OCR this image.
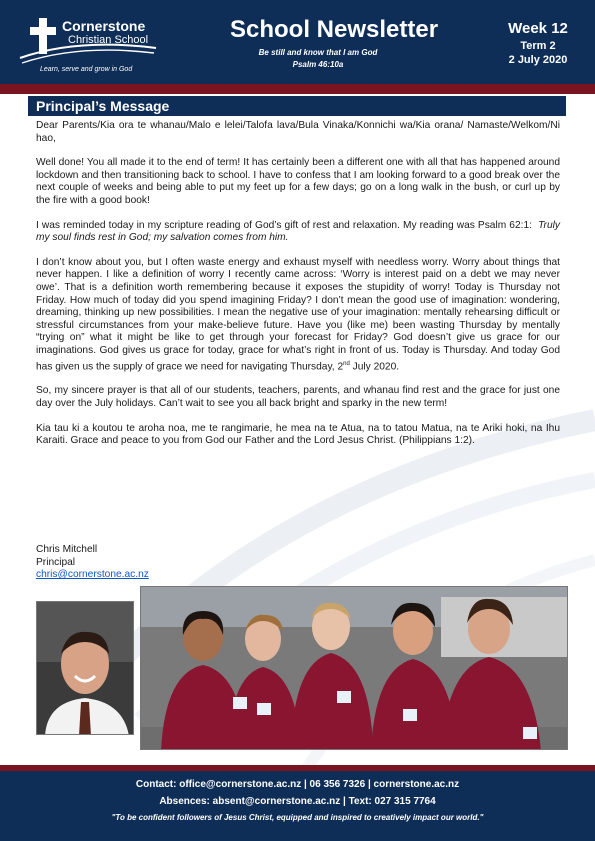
Cornerstone
Christian School
Learn, serve and grow in God
School Newsletter
Be still and know that I am God
Psalm 46:10a
Week 12
Term 2
2 July 2020
Principal’s Message

Dear Parents/Kia ora te whanau/Malo e lelei/Talofa lava/Bula Vinaka/Konnichi wa/Kia orana/ Namaste/Welkom/Ni hao,

Well done! You all made it to the end of term! It has certainly been a different one with all that has happened around lockdown and then transitioning back to school. I have to confess that I am looking forward to a good break over the next couple of weeks and being able to put my feet up for a few days; go on a long walk in the bush, or curl up by the fire with a good book!

I was reminded today in my scripture reading of God’s gift of rest and relaxation. My reading was Psalm 62:1: Truly my soul finds rest in God; my salvation comes from him.

I don’t know about you, but I often waste energy and exhaust myself with needless worry. Worry about things that never happen. I like a definition of worry I recently came across: ‘Worry is interest paid on a debt we may never owe’. That is a definition worth remembering because it exposes the stupidity of worry! Today is Thursday not Friday. How much of today did you spend imagining Friday? I don’t mean the good use of imagination: wondering, dreaming, thinking up new possibilities. I mean the negative use of your imagination: mentally rehearsing difficult or stressful circumstances from your make-believe future. Have you (like me) been wasting Thursday by mentally “trying on” what it might be like to get through your forecast for Friday? God doesn’t give us grace for our imaginations. God gives us grace for today, grace for what’s right in front of us. Today is Thursday. And today God has given us the supply of grace we need for navigating Thursday, 2nd July 2020.

So, my sincere prayer is that all of our students, teachers, parents, and whanau find rest and the grace for just one day over the July holidays. Can’t wait to see you all back bright and sparky in the new term!

Kia tau ki a koutou te aroha noa, me te rangimarie, he mea na te Atua, na to tatou Matua, na te Ariki hoki, na Ihu Karaiti. Grace and peace to you from God our Father and the Lord Jesus Christ. (Philippians 1:2).

Chris Mitchell
Principal
chris@cornerstone.ac.nz
Contact: office@cornerstone.ac.nz | 06 356 7326 | cornerstone.ac.nz
Absences: absent@cornerstone.ac.nz | Text: 027 315 7764
"To be confident followers of Jesus Christ, equipped and inspired to creatively impact our world."
